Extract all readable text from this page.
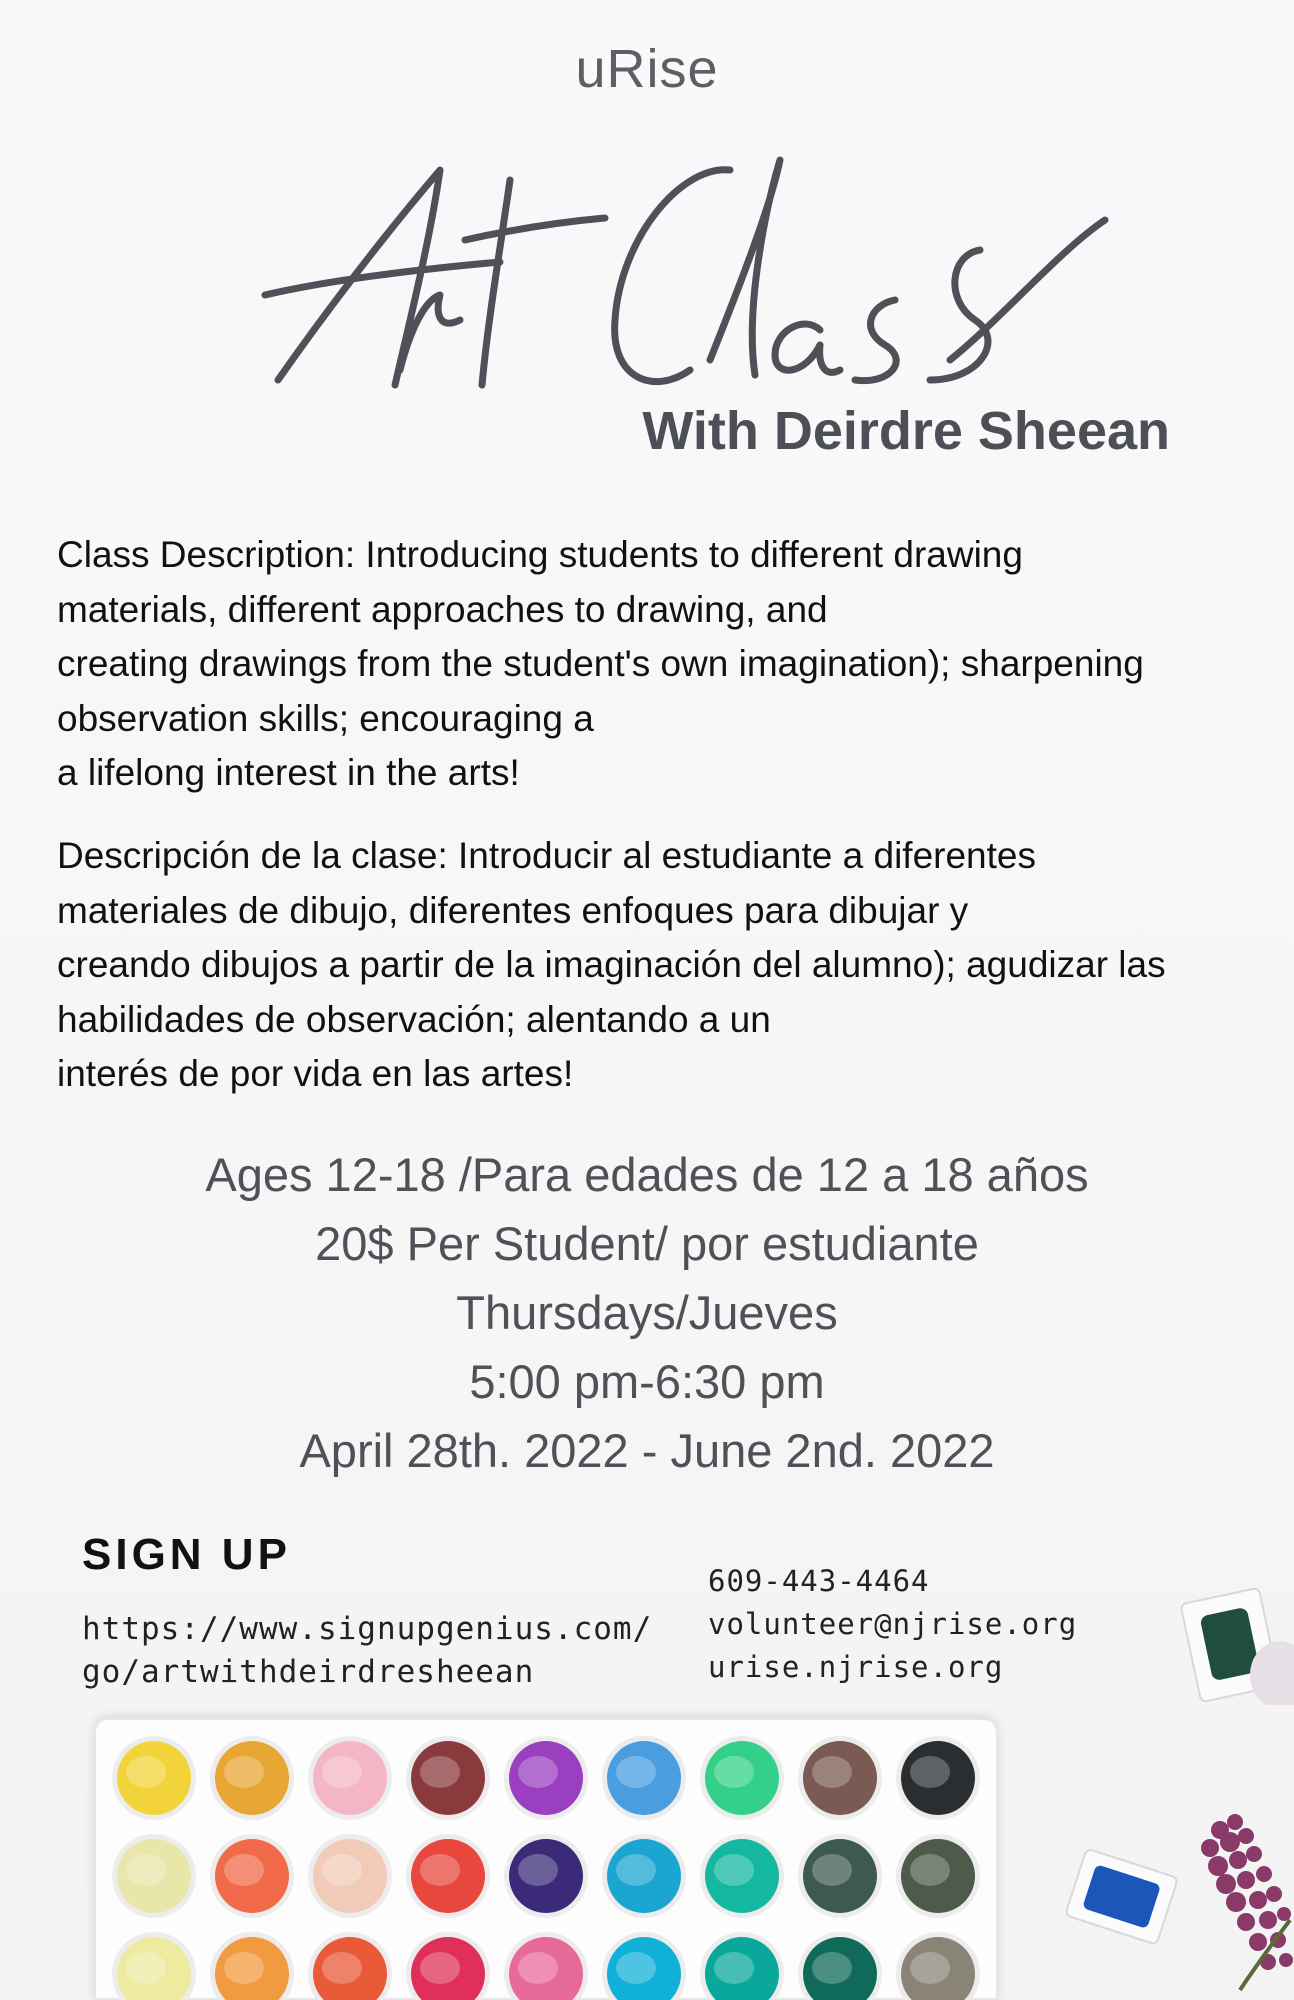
uRise
With Deirdre Sheean
Class Description: Introducing students to different drawing
materials, different approaches to drawing, and
creating drawings from the student's own imagination); sharpening
observation skills; encouraging a
a lifelong interest in the arts!
Descripción de la clase: Introducir al estudiante a diferentes
materiales de dibujo, diferentes enfoques para dibujar y
creando dibujos a partir de la imaginación del alumno); agudizar las
habilidades de observación; alentando a un
interés de por vida en las artes!
Ages 12-18 /Para edades de 12 a 18 años
20$ Per Student/ por estudiante
Thursdays/Jueves
5:00 pm-6:30 pm
April 28th. 2022 - June 2nd. 2022
SIGN UP
https://www.signupgenius.com/
go/artwithdeirdresheean
609-443-4464
volunteer@njrise.org
urise.njrise.org
